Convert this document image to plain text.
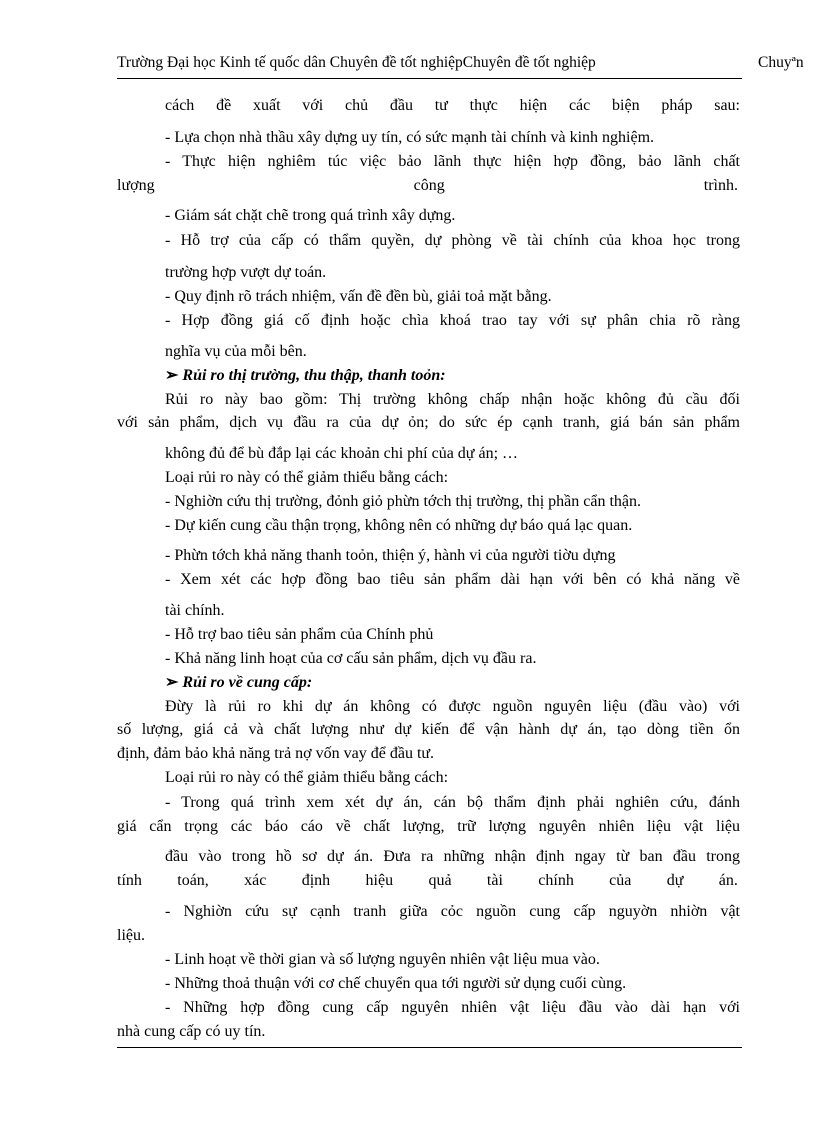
Trường Đại học Kinh tế quốc dân Chuyên đề tốt nghiệpChuyên đề tốt nghiệp	Chuyªn
cách đề xuất với chủ đầu tư thực hiện các biện pháp sau:
- Lựa chọn nhà thầu xây dựng uy tín, có sức mạnh tài chính và kinh nghiệm.
- Thực hiện nghiêm túc việc bảo lãnh thực hiện hợp đồng, bảo lãnh chất
lượng	công	trình.
- Giám sát chặt chẽ trong quá trình xây dựng.
- Hỗ trợ của cấp có thẩm quyền, dự phòng về tài chính của khoa học trong
trường hợp vượt dự toán.
- Quy định rõ trách nhiệm, vấn đề đền bù, giải toả mặt bằng.
- Hợp đồng giá cố định hoặc chìa khoá trao tay với sự phân chia rõ ràng
nghĩa vụ của mỗi bên.
➢ Rủi ro thị trường, thu thập, thanh toỏn:
Rủi ro này bao gồm: Thị trường không chấp nhận hoặc không đủ cầu đối
với sản phẩm, dịch vụ đầu ra của dự ỏn; do sức ép cạnh tranh, giá bán sản phẩm
không đủ để bù đắp lại các khoản chi phí của dự án; …
Loại rủi ro này có thể giảm thiểu bằng cách:
- Nghiờn cứu thị trường, đỏnh giỏ phừn tớch thị trường, thị phần cẩn thận.
- Dự kiến cung cầu thận trọng, không nên có những dự báo quá lạc quan.
- Phừn tớch khả năng thanh toỏn, thiện ý, hành vi của người tiờu dựng
- Xem xét các hợp đồng bao tiêu sản phẩm dài hạn với bên có khả năng về
tài chính.
- Hỗ trợ bao tiêu sản phẩm của Chính phủ
- Khả năng linh hoạt của cơ cấu sản phẩm, dịch vụ đầu ra.
➢ Rủi ro về cung cấp:
Đừy là rủi ro khi dự án không có được nguồn nguyên liệu (đầu vào) với
số lượng, giá cả và chất lượng như dự kiến để vận hành dự án, tạo dòng tiền ổn
định, đảm bảo khả năng trả nợ vốn vay để đầu tư.
Loại rủi ro này có thể giảm thiểu bằng cách:
- Trong quá trình xem xét dự án, cán bộ thẩm định phải nghiên cứu, đánh
giá cẩn trọng các báo cáo về chất lượng, trữ lượng nguyên nhiên liệu vật liệu
đầu vào trong hồ sơ dự án. Đưa ra những nhận định ngay từ ban đầu trong
tính toán, xác định hiệu quả tài chính của dự án.
- Nghiờn cứu sự cạnh tranh giữa cỏc nguồn cung cấp nguyờn nhiờn vật
liệu.
- Linh hoạt về thời gian và số lượng nguyên nhiên vật liệu mua vào.
- Những thoả thuận với cơ chế chuyển qua tới người sử dụng cuối cùng.
- Những hợp đồng cung cấp nguyên nhiên vật liệu đầu vào dài hạn với
nhà cung cấp có uy tín.
